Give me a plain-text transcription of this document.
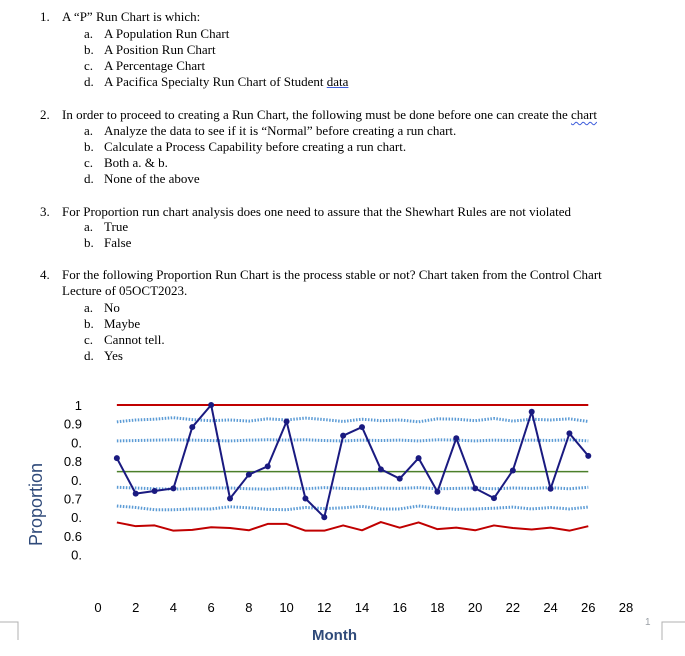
1. A “P” Run Chart is which:
a. A Population Run Chart
b. A Position Run Chart
c. A Percentage Chart
d. A Pacifica Specialty Run Chart of Student data
2. In order to proceed to creating a Run Chart, the following must be done before one can create the chart
a. Analyze the data to see if it is “Normal” before creating a run chart.
b. Calculate a Process Capability before creating a run chart.
c. Both a. & b.
d. None of the above
3. For Proportion run chart analysis does one need to assure that the Shewhart Rules are not violated
a. True
b. False
4. For the following Proportion Run Chart is the process stable or not? Chart taken from the Control Chart
Lecture of 05OCT2023.
a. No
b. Maybe
c. Cannot tell.
d. Yes
1
0.9
0.
0.8
0.
0.7
0.
0.6
0.
0 2 4 6 8 10 12 14 16 18 20 22 24 26 28
Proportion
Month
1
